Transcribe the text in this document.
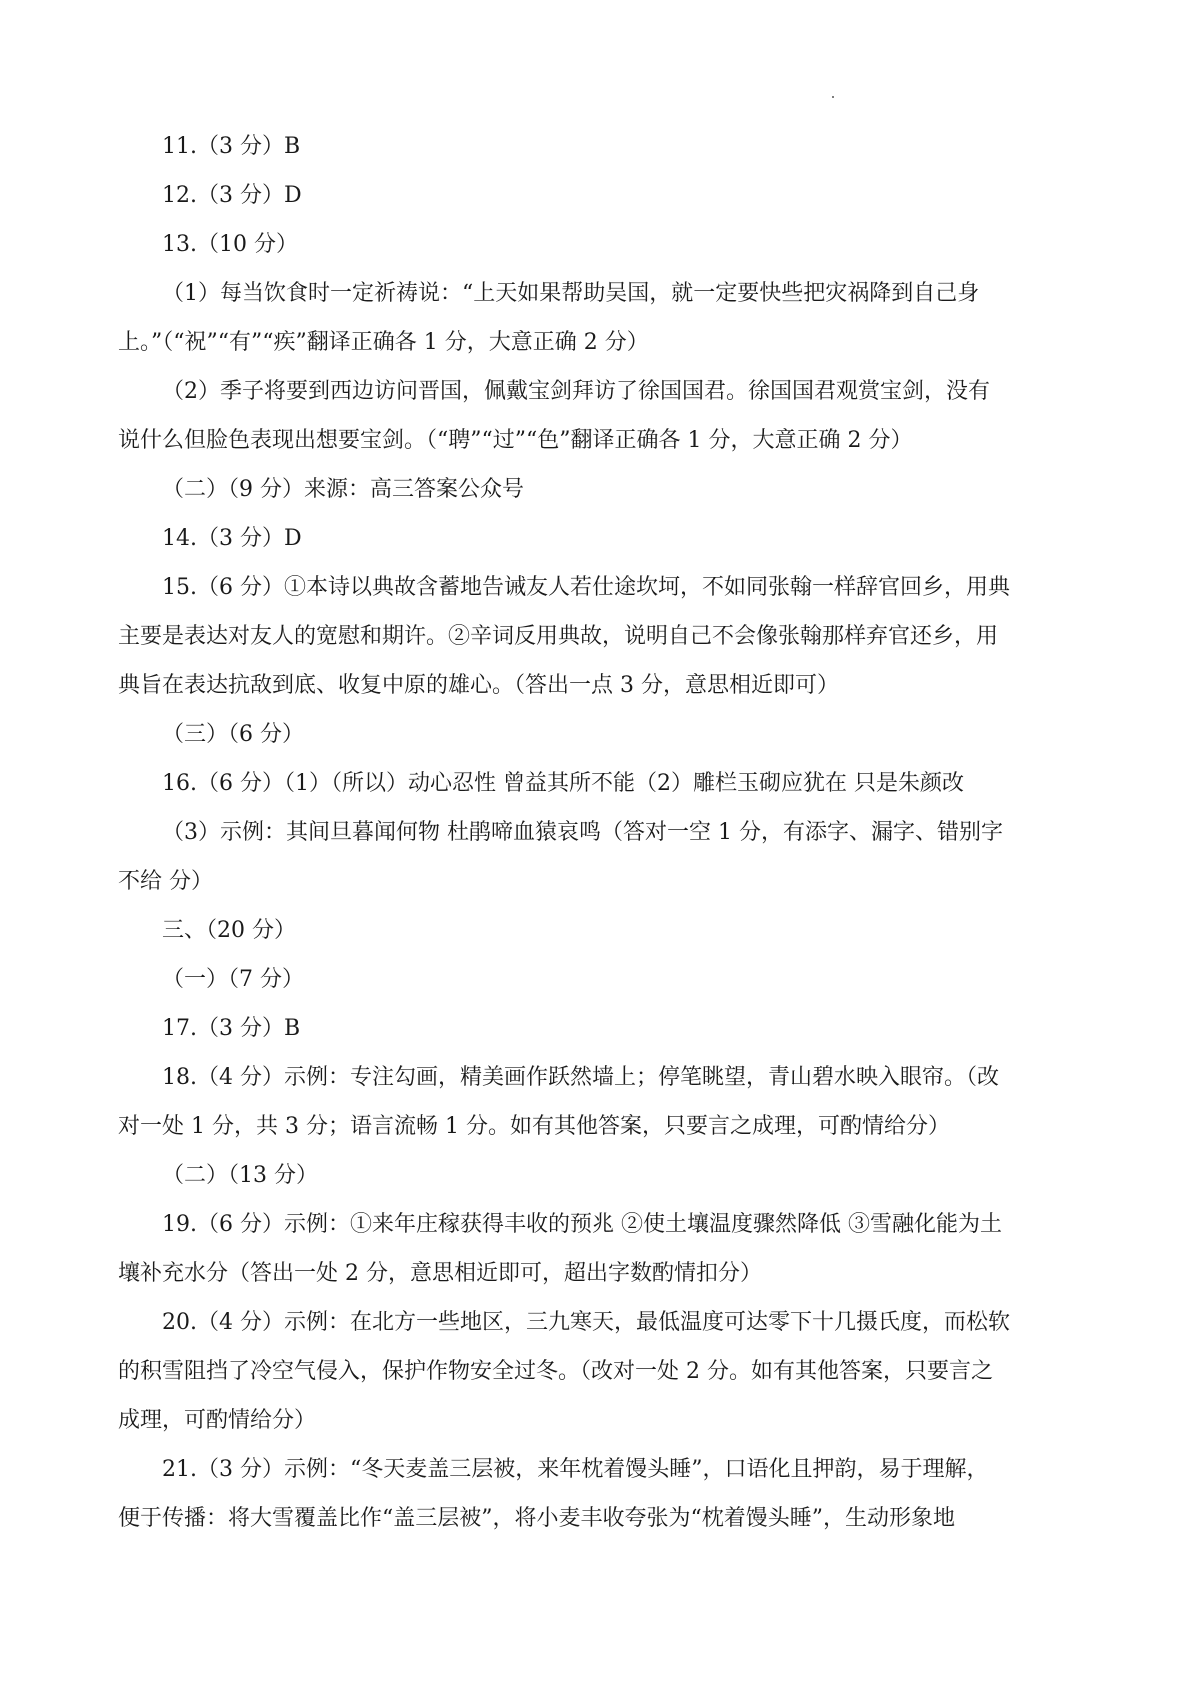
11.（3 分）B
12.（3 分）D
13.（10 分）
（1）每当饮食时一定祈祷说：“上天如果帮助吴国，就一定要快些把灾祸降到自己身
上。”（“祝”“有”“疾”翻译正确各 1 分，大意正确 2 分）
（2）季子将要到西边访问晋国，佩戴宝剑拜访了徐国国君。徐国国君观赏宝剑，没有
说什么但脸色表现出想要宝剑。（“聘”“过”“色”翻译正确各 1 分，大意正确 2 分）
（二）（9 分）来源：高三答案公众号
14.（3 分）D
15.（6 分）①本诗以典故含蓄地告诫友人若仕途坎坷，不如同张翰一样辞官回乡，用典
主要是表达对友人的宽慰和期许。②辛词反用典故，说明自己不会像张翰那样弃官还乡，用
典旨在表达抗敌到底、收复中原的雄心。（答出一点 3 分，意思相近即可）
（三）（6 分）
16.（6 分）（1）（所以）动心忍性 曾益其所不能（2）雕栏玉砌应犹在 只是朱颜改
（3）示例：其间旦暮闻何物 杜鹃啼血猿哀鸣（答对一空 1 分，有添字、漏字、错别字
不给 分）
三、（20 分）
（一）（7 分）
17.（3 分）B
18.（4 分）示例：专注勾画，精美画作跃然墙上；停笔眺望，青山碧水映入眼帘。（改
对一处 1 分，共 3 分；语言流畅 1 分。如有其他答案，只要言之成理，可酌情给分）
（二）（13 分）
19.（6 分）示例：①来年庄稼获得丰收的预兆 ②使土壤温度骤然降低 ③雪融化能为土
壤补充水分（答出一处 2 分，意思相近即可，超出字数酌情扣分）
20.（4 分）示例：在北方一些地区，三九寒天，最低温度可达零下十几摄氏度，而松软
的积雪阻挡了冷空气侵入，保护作物安全过冬。（改对一处 2 分。如有其他答案，只要言之
成理，可酌情给分）
21.（3 分）示例：“冬天麦盖三层被，来年枕着馒头睡”，口语化且押韵，易于理解，
便于传播：将大雪覆盖比作“盖三层被”，将小麦丰收夸张为“枕着馒头睡”，生动形象地
